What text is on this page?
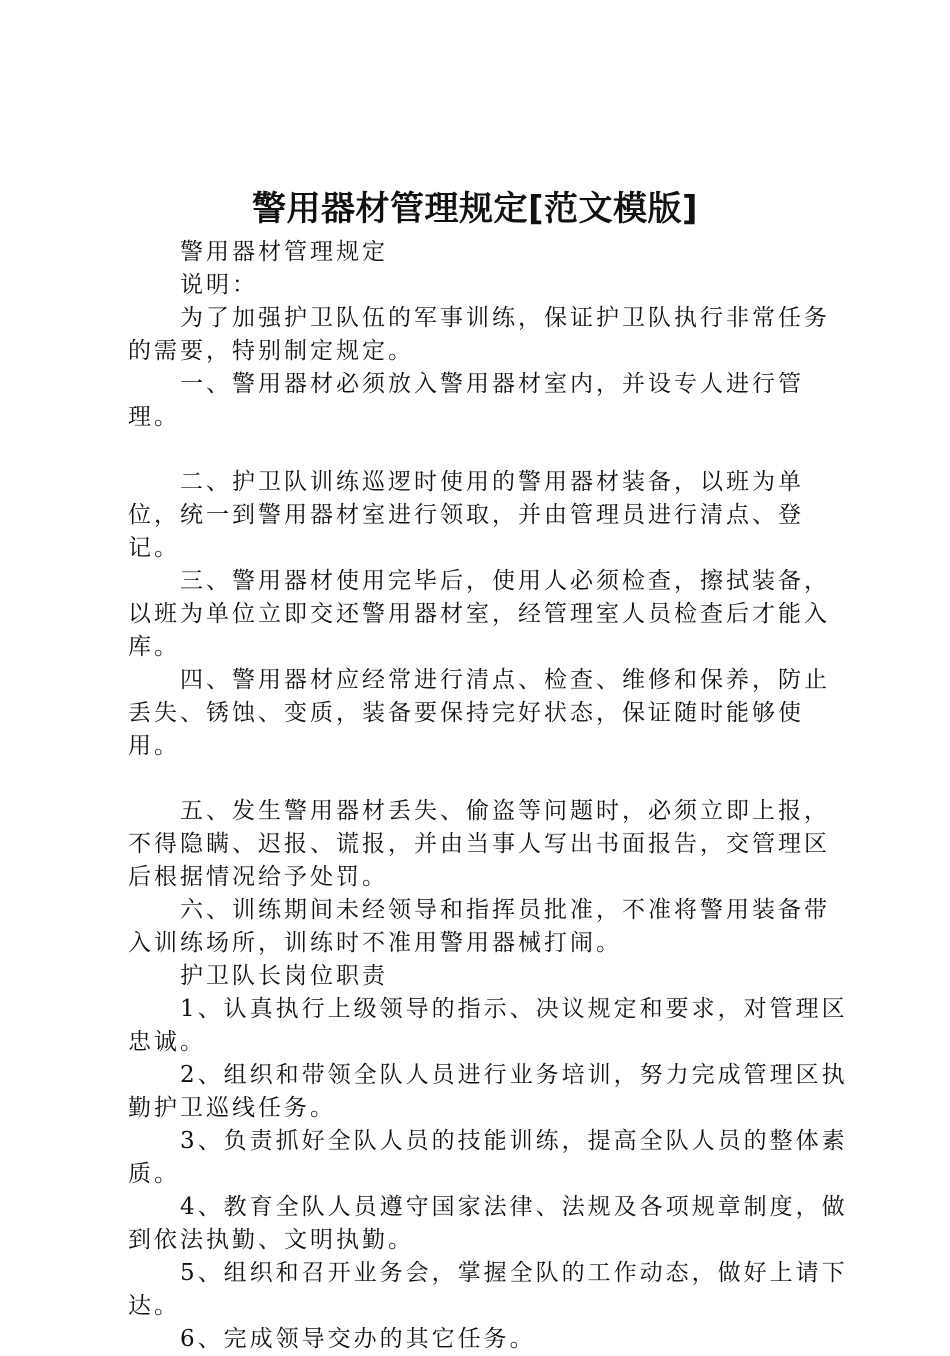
警用器材管理规定[范文模版]

警用器材管理规定

说明：

为了加强护卫队伍的军事训练，保证护卫队执行非常任务的需要，特别制定规定。

一、警用器材必须放入警用器材室内，并设专人进行管理。

二、护卫队训练巡逻时使用的警用器材装备，以班为单位，统一到警用器材室进行领取，并由管理员进行清点、登记。

三、警用器材使用完毕后，使用人必须检查，擦拭装备，以班为单位立即交还警用器材室，经管理室人员检查后才能入库。

四、警用器材应经常进行清点、检查、维修和保养，防止丢失、锈蚀、变质，装备要保持完好状态，保证随时能够使用。

五、发生警用器材丢失、偷盗等问题时，必须立即上报，不得隐瞒、迟报、谎报，并由当事人写出书面报告，交管理区后根据情况给予处罚。

六、训练期间未经领导和指挥员批准，不准将警用装备带入训练场所，训练时不准用警用器械打闹。

护卫队长岗位职责

1、认真执行上级领导的指示、决议规定和要求，对管理区忠诚。

2、组织和带领全队人员进行业务培训，努力完成管理区执勤护卫巡线任务。

3、负责抓好全队人员的技能训练，提高全队人员的整体素质。

4、教育全队人员遵守国家法律、法规及各项规章制度，做到依法执勤、文明执勤。

5、组织和召开业务会，掌握全队的工作动态，做好上请下达。

6、完成领导交办的其它任务。
